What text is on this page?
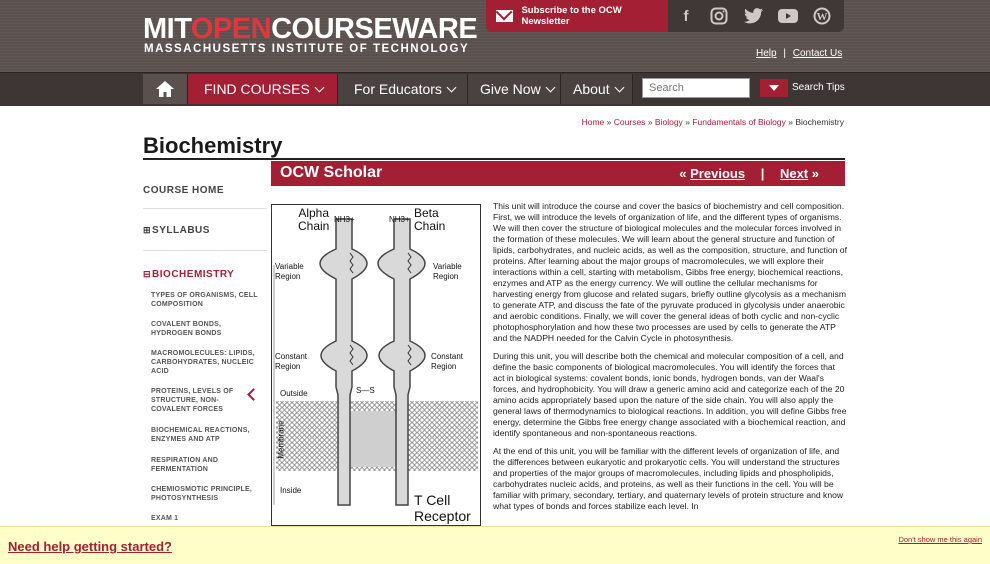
MITOPENCOURSEWARE
MASSACHUSETTS INSTITUTE OF TECHNOLOGY	Help | Contact Us
Subscribe to the OCW Newsletter	f	W
FIND COURSES	For Educators	Give Now About
Search	Search Tips
Home » Courses » Biology » Fundamentals of Biology » Biochemistry
Biochemistry
COURSE HOME
⊞SYLLABUS
⊟BIOCHEMISTRY
TYPES OF ORGANISMS, CELL COMPOSITION
COVALENT BONDS, HYDROGEN BONDS
MACROMOLECULES: LIPIDS, CARBOHYDRATES, NUCLEIC ACID
PROTEINS, LEVELS OF STRUCTURE, NON-COVALENT FORCES
BIOCHEMICAL REACTIONS, ENZYMES AND ATP
RESPIRATION AND FERMENTATION
CHEMIOSMOTIC PRINCIPLE, PHOTOSYNTHESIS
EXAM 1
OCW Scholar	« Previous | Next »
Alpha
Chain NH3+	NH3+ Beta
Chain
Variable
Region
Variable
Region
Constant
Region
Constant
Region
Outside	S—S
Membrane
Inside
T Cell
Receptor

This unit will introduce the course and cover the basics of biochemistry and cell composition. First, we will introduce the levels of organization of life, and the different types of organisms. We will then cover the structure of biological molecules and the molecular forces involved in the formation of these molecules. We will learn about the general structure and function of lipids, carbohydrates, and nucleic acids, as well as the composition, structure, and function of proteins. After learning about the major groups of macromolecules, we will explore their interactions within a cell, starting with metabolism, Gibbs free energy, biochemical reactions, enzymes and ATP as the energy currency. We will outline the cellular mechanisms for harvesting energy from glucose and related sugars, briefly outline glycolysis as a mechanism to generate ATP, and discuss the fate of the pyruvate produced in glycolysis under anaerobic and aerobic conditions. Finally, we will cover the general ideas of both cyclic and non-cyclic photophosphorylation and how these two processes are used by cells to generate the ATP and the NADPH needed for the Calvin Cycle in photosynthesis.

During this unit, you will describe both the chemical and molecular composition of a cell, and define the basic components of biological macromolecules. You will identify the forces that act in biological systems: covalent bonds, ionic bonds, hydrogen bonds, van der Waal's forces, and hydrophobicity. You will draw a generic amino acid and categorize each of the 20 amino acids appropriately based upon the nature of the side chain. You will also apply the general laws of thermodynamics to biological reactions. In addition, you will define Gibbs free energy, determine the Gibbs free energy change associated with a biochemical reaction, and identify spontaneous and non-spontaneous reactions.

At the end of this unit, you will be familiar with the different levels of organization of life, and the differences between eukaryotic and prokaryotic cells. You will understand the structures and properties of the major groups of macromolecules, including lipids and phospholipids, carbohydrates nucleic acids, and proteins, as well as their functions in the cell. You will be familiar with primary, secondary, tertiary, and quaternary levels of protein structure and know what types of bonds and forces stabilize each level. In

Need help getting started?	Don't show me this again
